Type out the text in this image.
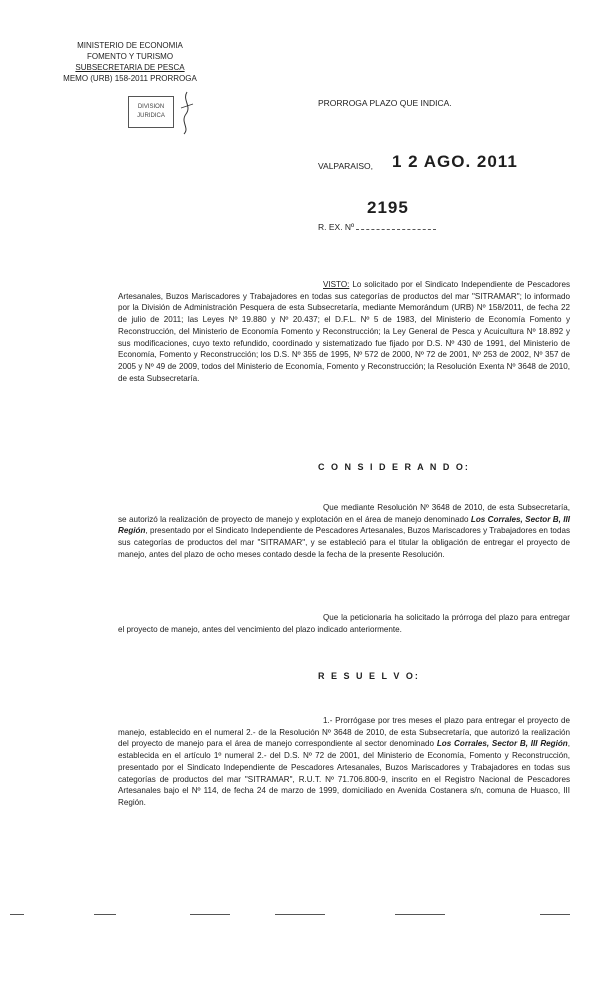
MINISTERIO DE ECONOMIA
FOMENTO Y TURISMO
SUBSECRETARIA DE PESCA
MEMO (URB) 158-2011 PRORROGA
DIVISION
JURIDICA
PRORROGA PLAZO QUE INDICA.
VALPARAISO, 1 2 AGO. 2011
2195
R. EX. Nº
VISTO: Lo solicitado por el Sindicato Independiente de Pescadores Artesanales, Buzos Mariscadores y Trabajadores en todas sus categorías de productos del mar "SITRAMAR"; lo informado por la División de Administración Pesquera de esta Subsecretaría, mediante Memorándum (URB) Nº 158/2011, de fecha 22 de julio de 2011; las Leyes Nº 19.880 y Nº 20.437; el D.F.L. Nº 5 de 1983, del Ministerio de Economía Fomento y Reconstrucción, del Ministerio de Economía Fomento y Reconstrucción; la Ley General de Pesca y Acuicultura Nº 18.892 y sus modificaciones, cuyo texto refundido, coordinado y sistematizado fue fijado por D.S. Nº 430 de 1991, del Ministerio de Economía, Fomento y Reconstrucción; los D.S. Nº 355 de 1995, Nº 572 de 2000, Nº 72 de 2001, Nº 253 de 2002, Nº 357 de 2005 y Nº 49 de 2009, todos del Ministerio de Economía, Fomento y Reconstrucción; la Resolución Exenta Nº 3648 de 2010, de esta Subsecretaría.
C O N S I D E R A N D O:
Que mediante Resolución Nº 3648 de 2010, de esta Subsecretaría, se autorizó la realización de proyecto de manejo y explotación en el área de manejo denominado Los Corrales, Sector B, III Región, presentado por el Sindicato Independiente de Pescadores Artesanales, Buzos Mariscadores y Trabajadores en todas sus categorías de productos del mar "SITRAMAR", y se estableció para el titular la obligación de entregar el proyecto de manejo, antes del plazo de ocho meses contado desde la fecha de la presente Resolución.
Que la peticionaria ha solicitado la prórroga del plazo para entregar el proyecto de manejo, antes del vencimiento del plazo indicado anteriormente.
R E S U E L V O:
1.- Prorrógase por tres meses el plazo para entregar el proyecto de manejo, establecido en el numeral 2.- de la Resolución Nº 3648 de 2010, de esta Subsecretaría, que autorizó la realización del proyecto de manejo para el área de manejo correspondiente al sector denominado Los Corrales, Sector B, III Región, establecida en el artículo 1º numeral 2.- del D.S. Nº 72 de 2001, del Ministerio de Economía, Fomento y Reconstrucción, presentado por el Sindicato Independiente de Pescadores Artesanales, Buzos Mariscadores y Trabajadores en todas sus categorías de productos del mar "SITRAMAR", R.U.T. Nº 71.706.800-9, inscrito en el Registro Nacional de Pescadores Artesanales bajo el Nº 114, de fecha 24 de marzo de 1999, domiciliado en Avenida Costanera s/n, comuna de Huasco, III Región.
